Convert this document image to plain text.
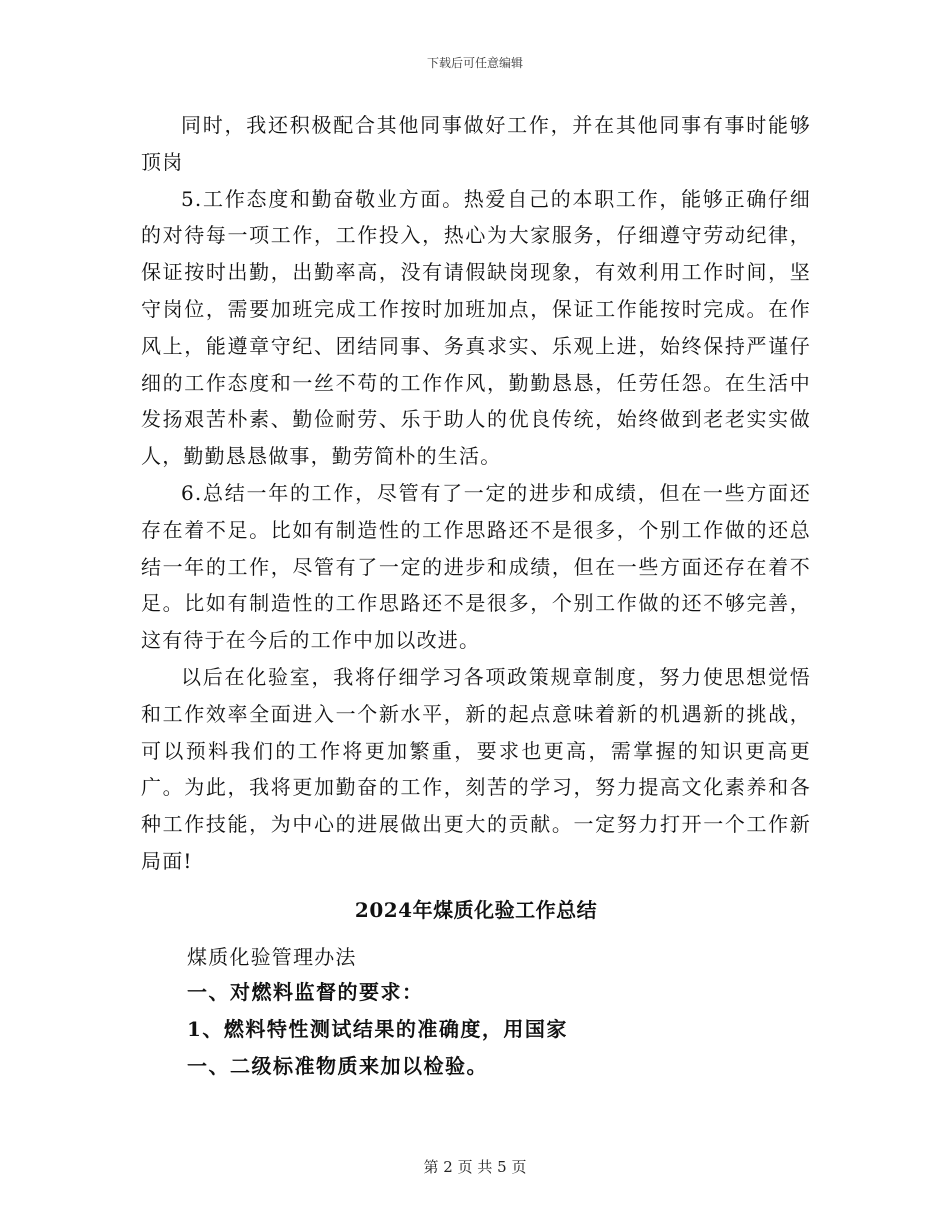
下载后可任意编辑

同时，我还积极配合其他同事做好工作，并在其他同事有事时能够顶岗

5.工作态度和勤奋敬业方面。热爱自己的本职工作，能够正确仔细的对待每一项工作，工作投入，热心为大家服务，仔细遵守劳动纪律，保证按时出勤，出勤率高，没有请假缺岗现象，有效利用工作时间，坚守岗位，需要加班完成工作按时加班加点，保证工作能按时完成。在作风上，能遵章守纪、团结同事、务真求实、乐观上进，始终保持严谨仔细的工作态度和一丝不苟的工作作风，勤勤恳恳，任劳任怨。在生活中发扬艰苦朴素、勤俭耐劳、乐于助人的优良传统，始终做到老老实实做人，勤勤恳恳做事，勤劳简朴的生活。

6.总结一年的工作，尽管有了一定的进步和成绩，但在一些方面还存在着不足。比如有制造性的工作思路还不是很多，个别工作做的还总结一年的工作，尽管有了一定的进步和成绩，但在一些方面还存在着不足。比如有制造性的工作思路还不是很多，个别工作做的还不够完善，这有待于在今后的工作中加以改进。

以后在化验室，我将仔细学习各项政策规章制度，努力使思想觉悟和工作效率全面进入一个新水平，新的起点意味着新的机遇新的挑战，可以预料我们的工作将更加繁重，要求也更高，需掌握的知识更高更广。为此，我将更加勤奋的工作，刻苦的学习，努力提高文化素养和各种工作技能，为中心的进展做出更大的贡献。一定努力打开一个工作新局面!

2024年煤质化验工作总结

煤质化验管理办法

一、对燃料监督的要求：

1、燃料特性测试结果的准确度，用国家

一、二级标准物质来加以检验。

第 2 页 共 5 页
